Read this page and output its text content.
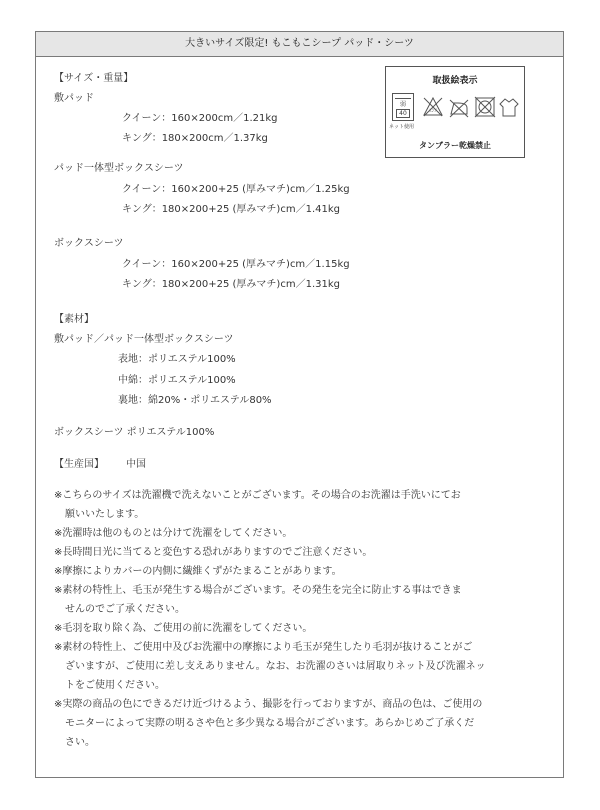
大きいサイズ限定! もこもこシープ パッド・シーツ
取扱絵表示
弱
40
ネット使用
ｴﾝｿ
タンブラー乾燥禁止
【サイズ・重量】
敷パッド
クイーン：160×200cm／1.21kg
キング：180×200cm／1.37kg
パッド一体型ボックスシーツ
クイーン：160×200+25 (厚みマチ)cm／1.25kg
キング：180×200+25 (厚みマチ)cm／1.41kg
ボックスシーツ
クイーン：160×200+25 (厚みマチ)cm／1.15kg
キング：180×200+25 (厚みマチ)cm／1.31kg
【素材】
敷パッド／パッド一体型ボックスシーツ
表地：ポリエステル100%
中綿：ポリエステル100%
裏地：綿20%・ポリエステル80%
ボックスシーツ ポリエステル100%
【生産国】 中国
※こちらのサイズは洗濯機で洗えないことがございます。その場合のお洗濯は手洗いにてお
願いいたします。
※洗濯時は他のものとは分けて洗濯をしてください。
※長時間日光に当てると変色する恐れがありますのでご注意ください。
※摩擦によりカバーの内側に繊維くずがたまることがあります。
※素材の特性上、毛玉が発生する場合がございます。その発生を完全に防止する事はできま
せんのでご了承ください。
※毛羽を取り除く為、ご使用の前に洗濯をしてください。
※素材の特性上、ご使用中及びお洗濯中の摩擦により毛玉が発生したり毛羽が抜けることがご
ざいますが、ご使用に差し支えありません。なお、お洗濯のさいは屑取りネット及び洗濯ネッ
トをご使用ください。
※実際の商品の色にできるだけ近づけるよう、撮影を行っておりますが、商品の色は、ご使用の
モニターによって実際の明るさや色と多少異なる場合がございます。あらかじめご了承くだ
さい。
